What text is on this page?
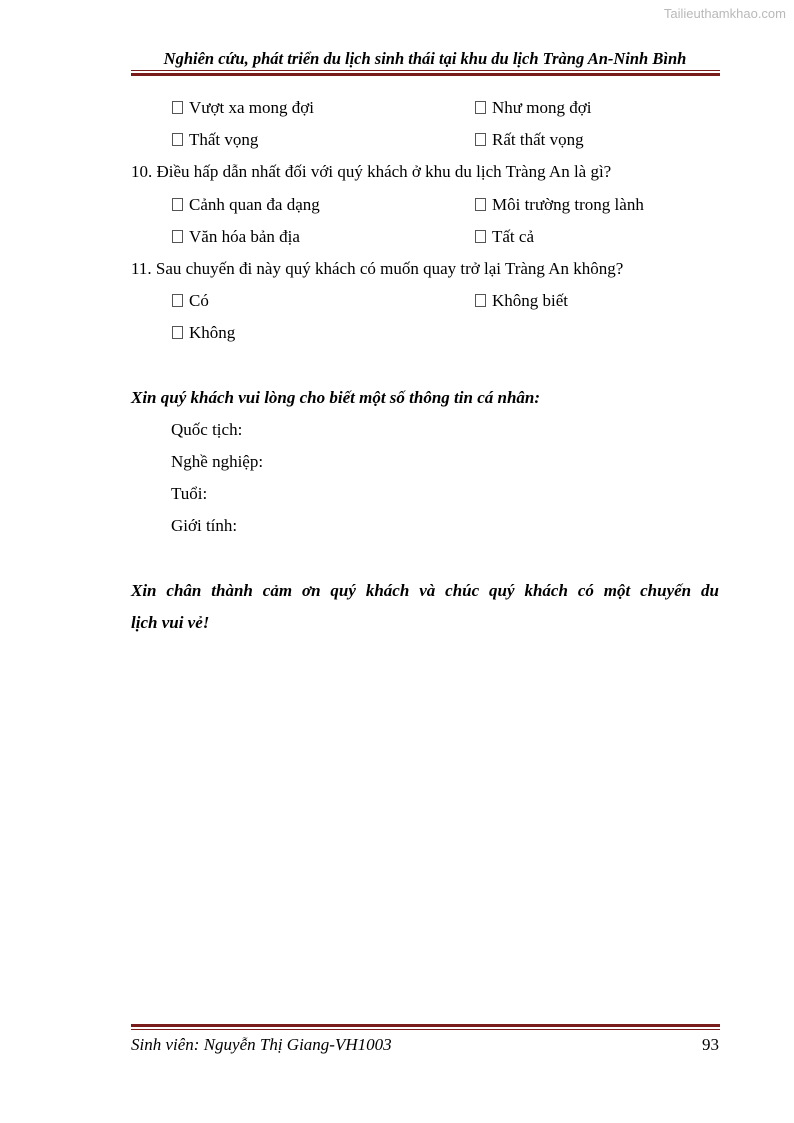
Tailieuthamkhao.com
Nghiên cứu, phát triển du lịch sinh thái tại khu du lịch Tràng An-Ninh Bình
Vượt xa mong đợi	Như mong đợi
Thất vọng	Rất thất vọng
10. Điều hấp dẫn nhất đối với quý khách ở khu du lịch Tràng An là gì?
Cảnh quan đa dạng	Môi trường trong lành
Văn hóa bản địa	Tất cả
11. Sau chuyến đi này quý khách có muốn quay trở lại Tràng An không?
Có	Không biết
Không
Xin quý khách vui lòng cho biết một số thông tin cá nhân:
Quốc tịch:
Nghề nghiệp:
Tuổi:
Giới tính:
Xin chân thành cảm ơn quý khách và chúc quý khách có một chuyến du
lịch vui vẻ!
Sinh viên: Nguyễn Thị Giang-VH1003	93
